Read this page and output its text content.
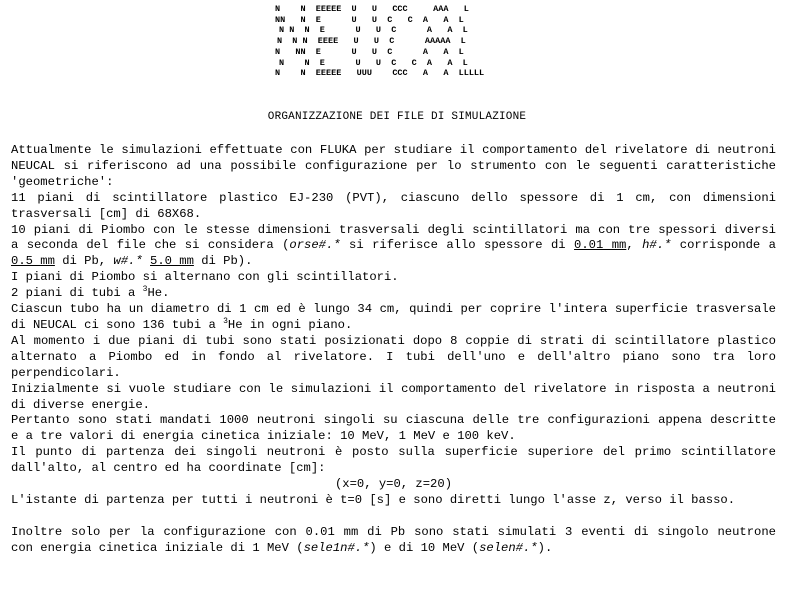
N    N  EEEEE  U   U   CCC     AAA   L
NN   N  E      U   U  C   C  A   A  L
N N  N  E      U   U  C      A   A  L
N  N N  EEEE   U   U  C      AAAAA  L
N   NN  E      U   U  C      A   A  L
N    N  E      U   U  C   C  A   A  L
N    N  EEEEE   UUU    CCC   A   A  LLLLL
ORGANIZZAZIONE DEI FILE DI SIMULAZIONE

Attualmente le simulazioni effettuate con FLUKA per studiare il comportamento del rivelatore di neutroni NEUCAL si riferiscono ad una possibile configurazione per lo strumento con le seguenti caratteristiche 'geometriche':

11 piani di scintillatore plastico EJ-230 (PVT), ciascuno dello spessore di 1 cm, con dimensioni trasversali [cm] di 68X68.

10 piani di Piombo con le stesse dimensioni trasversali degli scintillatori ma con tre spessori diversi a seconda del file che si considera (orse#.* si riferisce allo spessore di 0.01 mm, h#.* corrisponde a 0.5 mm di Pb, w#.* 5.0 mm di Pb).

I piani di Piombo si alternano con gli scintillatori.

2 piani di tubi a $^3$He.

Ciascun tubo ha un diametro di 1 cm ed è lungo 34 cm, quindi per coprire l'intera superficie trasversale di NEUCAL ci sono 136 tubi a $^3$He in ogni piano.

Al momento i due piani di tubi sono stati posizionati dopo 8 coppie di strati di scintillatore plastico alternato a Piombo ed in fondo al rivelatore. I tubi dell'uno e dell'altro piano sono tra loro perpendicolari.

Inizialmente si vuole studiare con le simulazioni il comportamento del rivelatore in risposta a neutroni di diverse energie.

Pertanto sono stati mandati 1000 neutroni singoli su ciascuna delle tre configurazioni appena descritte e a tre valori di energia cinetica iniziale: 10 MeV, 1 MeV e 100 keV.

Il punto di partenza dei singoli neutroni è posto sulla superficie superiore del primo scintillatore dall'alto, al centro ed ha coordinate [cm]:

(x=0, y=0, z=20)

L'istante di partenza per tutti i neutroni è t=0 [s] e sono diretti lungo l'asse z, verso il basso.

Inoltre solo per la configurazione con 0.01 mm di Pb sono stati simulati 3 eventi di singolo neutrone con energia cinetica iniziale di 1 MeV (sele1n#.*) e di 10 MeV (selen#.*).
